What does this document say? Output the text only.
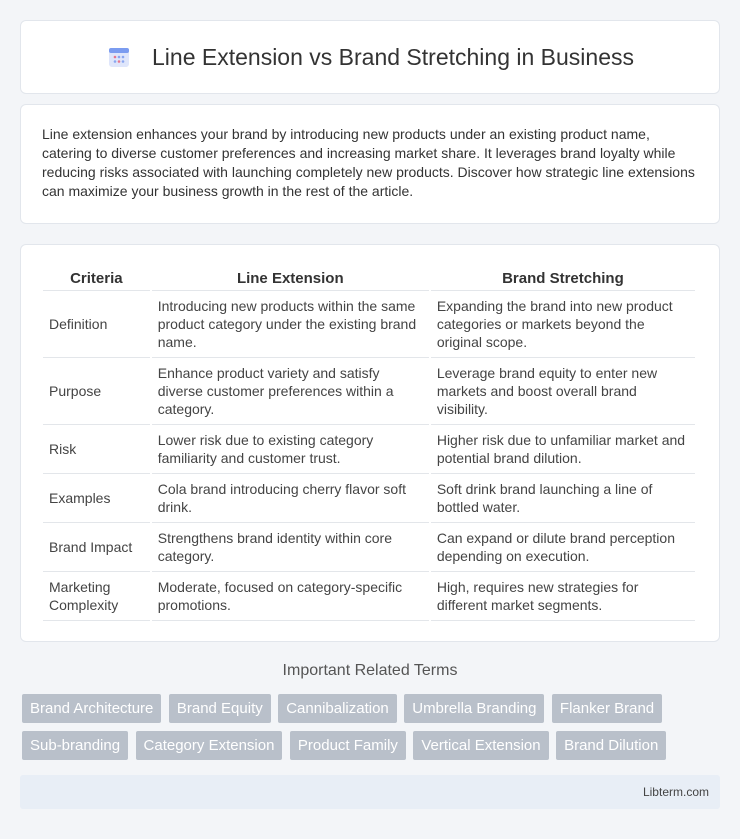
Line Extension vs Brand Stretching in Business

Line extension enhances your brand by introducing new products under an existing product name, catering to diverse customer preferences and increasing market share. It leverages brand loyalty while reducing risks associated with launching completely new products. Discover how strategic line extensions can maximize your business growth in the rest of the article.

Criteria	Line Extension	Brand Stretching
Definition	Introducing new products within the same product category under the existing brand name.	Expanding the brand into new product categories or markets beyond the original scope.
Purpose	Enhance product variety and satisfy diverse customer preferences within a category.	Leverage brand equity to enter new markets and boost overall brand visibility.
Risk	Lower risk due to existing category familiarity and customer trust.	Higher risk due to unfamiliar market and potential brand dilution.
Examples	Cola brand introducing cherry flavor soft drink.	Soft drink brand launching a line of bottled water.
Brand Impact	Strengthens brand identity within core category.	Can expand or dilute brand perception depending on execution.
Marketing Complexity	Moderate, focused on category-specific promotions.	High, requires new strategies for different market segments.
Important Related Terms
Brand Architecture Brand Equity Cannibalization Umbrella Branding Flanker Brand Sub-branding Category Extension Product Family Vertical Extension Brand Dilution
Libterm.com
